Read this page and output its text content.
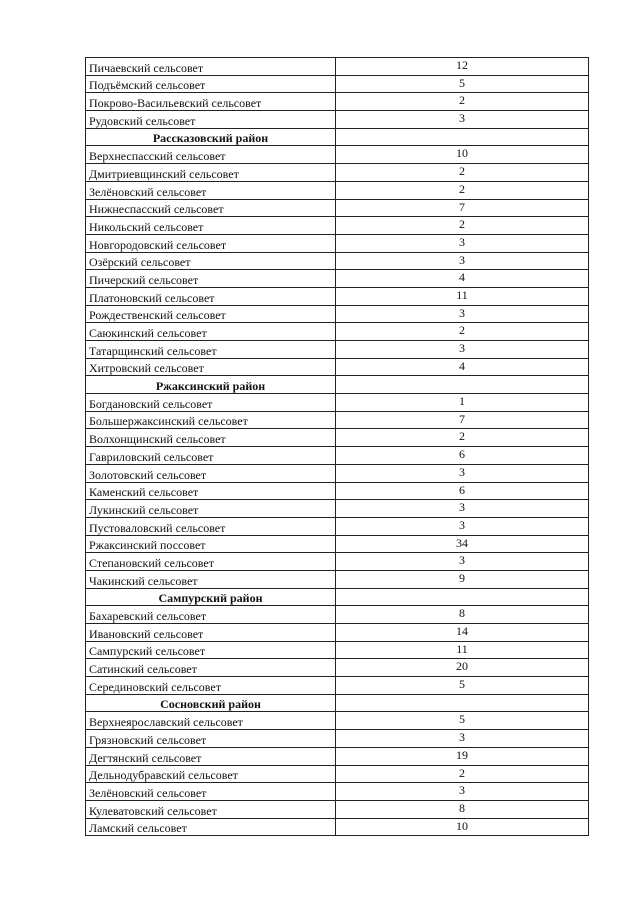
Пичаевский сельсовет	12
Подъёмский сельсовет	5
Покрово-Васильевский сельсовет	2
Рудовский сельсовет	3
Рассказовский район	
Верхнеспасский сельсовет	10
Дмитриевщинский сельсовет	2
Зелёновский сельсовет	2
Нижнеспасский сельсовет	7
Никольский сельсовет	2
Новгородовский сельсовет	3
Озёрский сельсовет	3
Пичерский сельсовет	4
Платоновский сельсовет	11
Рождественский сельсовет	3
Саюкинский сельсовет	2
Татарщинский сельсовет	3
Хитровский сельсовет	4
Ржаксинский район	
Богдановский сельсовет	1
Большержаксинский сельсовет	7
Волхонщинский сельсовет	2
Гавриловский сельсовет	6
Золотовский сельсовет	3
Каменский сельсовет	6
Лукинский сельсовет	3
Пустоваловский сельсовет	3
Ржаксинский поссовет	34
Степановский сельсовет	3
Чакинский сельсовет	9
Сампурский район	
Бахаревский сельсовет	8
Ивановский сельсовет	14
Сампурский сельсовет	11
Сатинский сельсовет	20
Серединовский сельсовет	5
Сосновский район	
Верхнеярославский сельсовет	5
Грязновский сельсовет	3
Дегтянский сельсовет	19
Дельнодубравский сельсовет	2
Зелёновский сельсовет	3
Кулеватовский сельсовет	8
Ламский сельсовет	10
